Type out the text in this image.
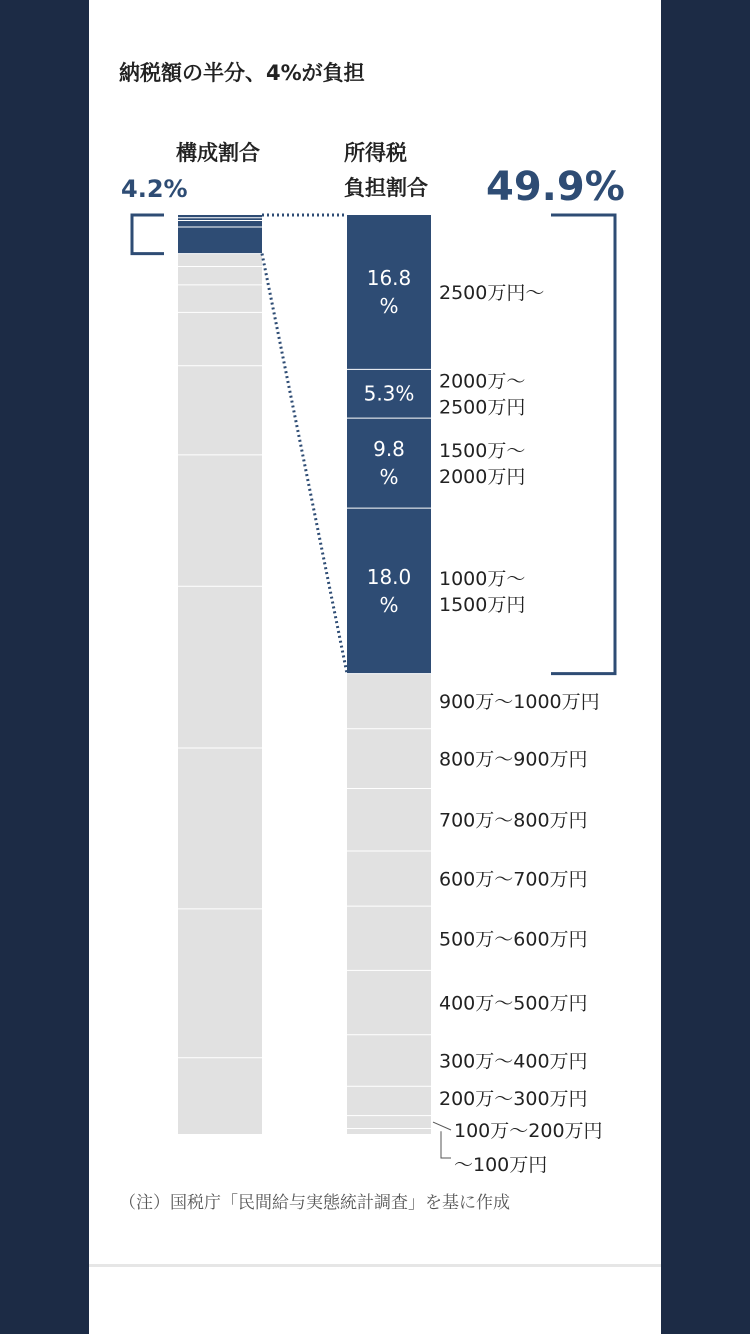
納税額の半分、4%が負担
構成割合	所得税
負担割合
4.2%	49.9%
16.8
%
5.3%
9.8
%
18.0
%
2500万円〜
2000万〜
2500万円
1500万〜
2000万円
1000万〜
1500万円
900万〜1000万円
800万〜900万円
700万〜800万円
600万〜700万円
500万〜600万円
400万〜500万円
300万〜400万円
200万〜300万円
100万〜200万円
〜100万円
（注）国税庁「民間給与実態統計調査」を基に作成
